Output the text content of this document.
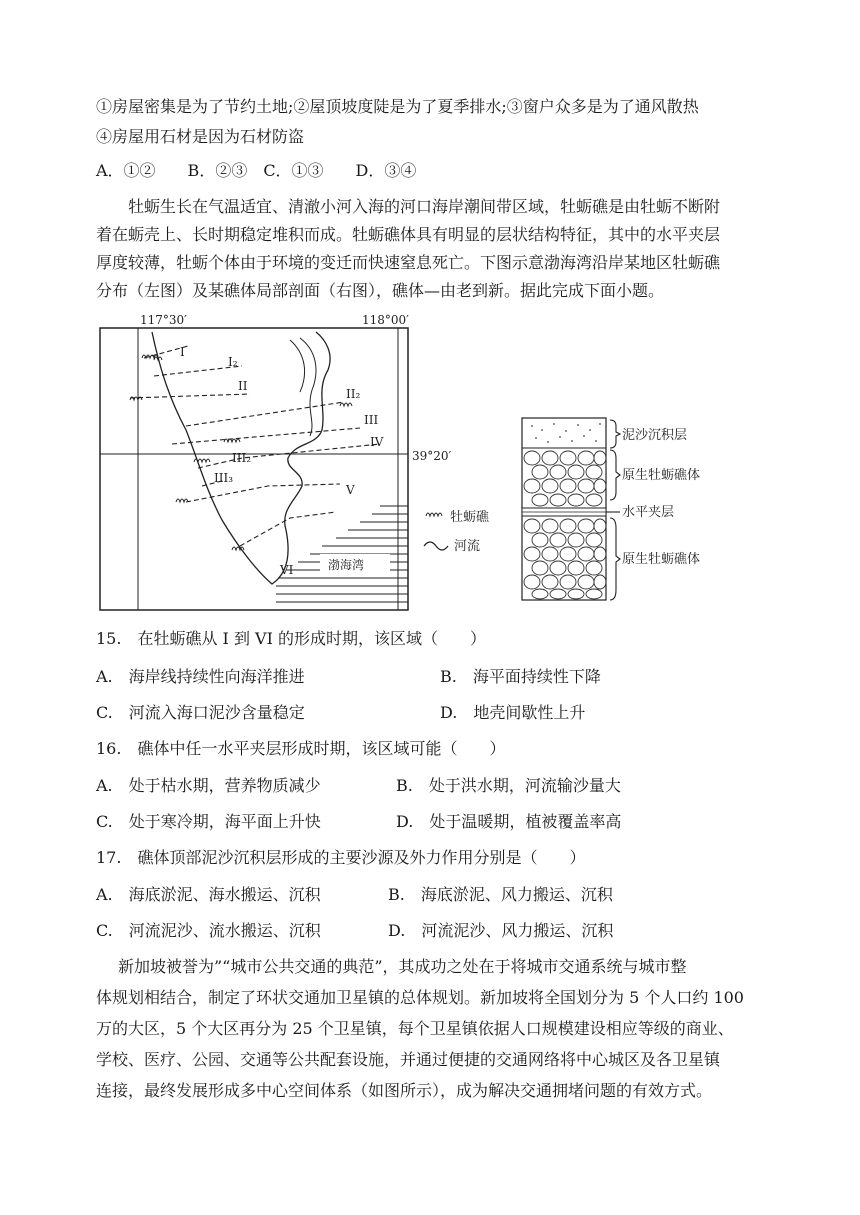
①房屋密集是为了节约土地;②屋顶坡度陡是为了夏季排水;③窗户众多是为了通风散热
④房屋用石材是因为石材防盗
A．①②　　B．②③　C．①③　　D．③④
牡蛎生长在气温适宜、清澈小河入海的河口海岸潮间带区域，牡蛎礁是由牡蛎不断附
着在蛎壳上、长时期稳定堆积而成。牡蛎礁体具有明显的层状结构特征，其中的水平夹层
厚度较薄，牡蛎个体由于环境的变迁而快速窒息死亡。下图示意渤海湾沿岸某地区牡蛎礁
分布（左图）及某礁体局部剖面（右图），礁体—由老到新。据此完成下面小题。
117°30′	118°00′
39°20′
渤海湾
I
I₂
II
II₂
III
III₂
III₃
IV
V
VI
牡蛎礁
河流
泥沙沉积层
原生牡蛎礁体
水平夹层
原生牡蛎礁体
15.　在牡蛎礁从 I 到 VI 的形成时期，该区域（　　）
A.　海岸线持续性向海洋推进	B.　海平面持续性下降
C.　河流入海口泥沙含量稳定	D.　地壳间歇性上升
16.　礁体中任一水平夹层形成时期，该区域可能（　　）
A.　处于枯水期，营养物质减少	B.　处于洪水期，河流输沙量大
C.　处于寒冷期，海平面上升快	D.　处于温暖期，植被覆盖率高
17.　礁体顶部泥沙沉积层形成的主要沙源及外力作用分别是（　　）
A.　海底淤泥、海水搬运、沉积	B.　海底淤泥、风力搬运、沉积
C.　河流泥沙、流水搬运、沉积	D.　河流泥沙、风力搬运、沉积
新加坡被誉为”“城市公共交通的典范”，其成功之处在于将城市交通系统与城市整
体规划相结合，制定了环状交通加卫星镇的总体规划。新加坡将全国划分为 5 个人口约 100
万的大区，5 个大区再分为 25 个卫星镇，每个卫星镇依据人口规模建设相应等级的商业、
学校、医疗、公园、交通等公共配套设施，并通过便捷的交通网络将中心城区及各卫星镇
连接，最终发展形成多中心空间体系（如图所示），成为解决交通拥堵问题的有效方式。
